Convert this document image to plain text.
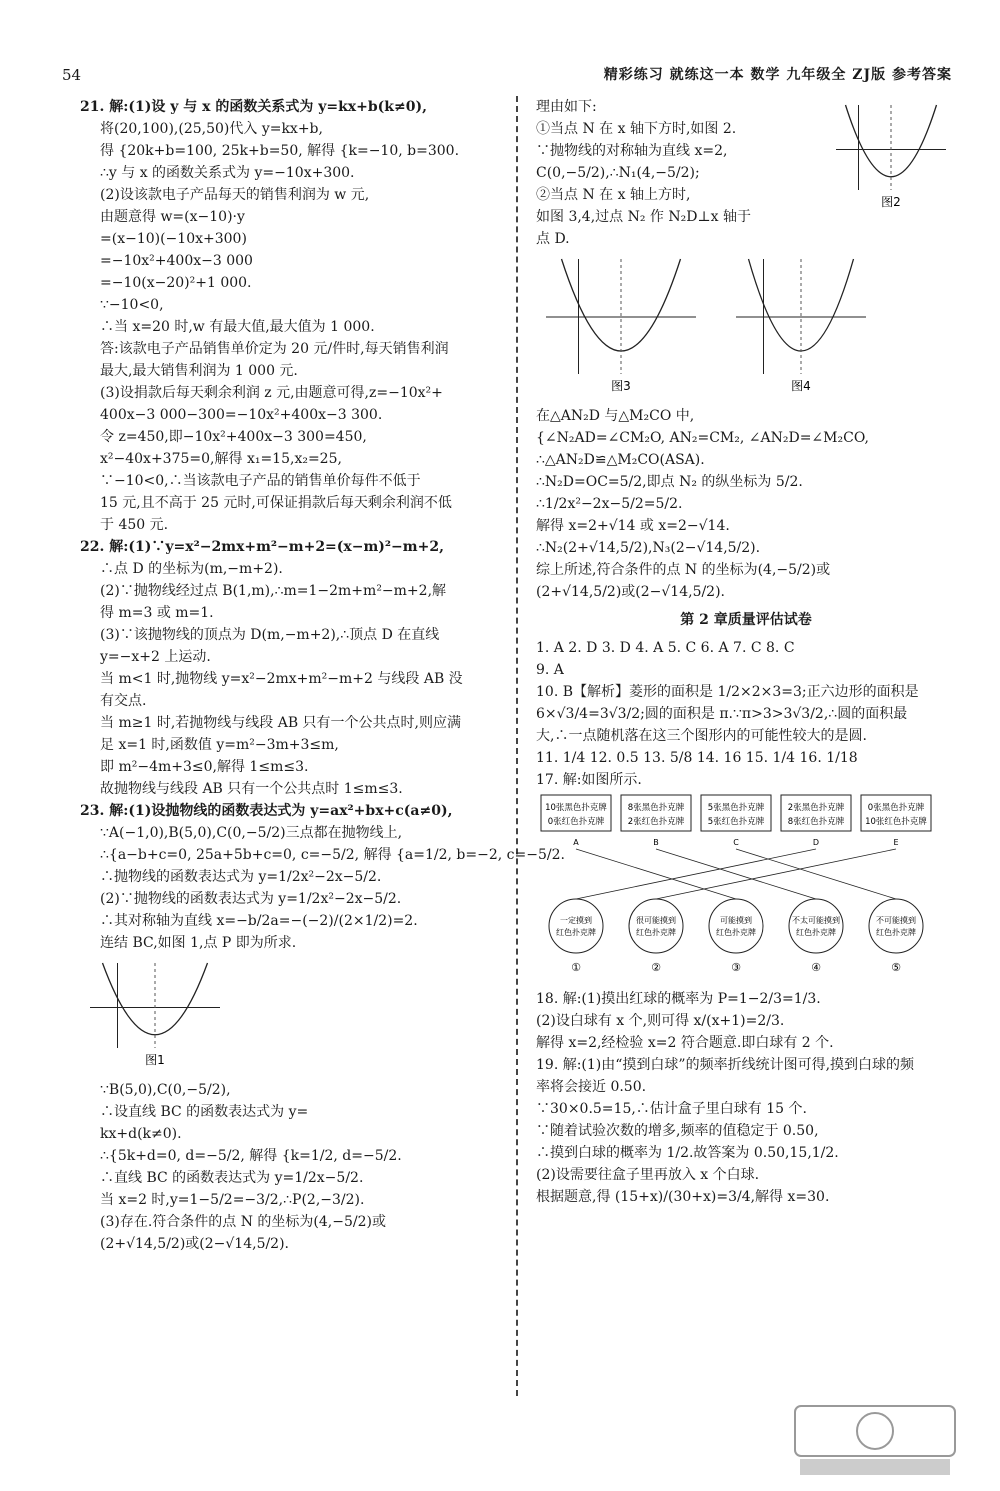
54	精彩练习 就练这一本 数学 九年级全 ZJ版 参考答案
21. 解:(1)设 y 与 x 的函数关系式为 y=kx+b(k≠0),
将(20,100),(25,50)代入 y=kx+b,
得 {20k+b=100, 25k+b=50, 解得 {k=−10, b=300.
∴y 与 x 的函数关系式为 y=−10x+300.
(2)设该款电子产品每天的销售利润为 w 元,
由题意得 w=(x−10)·y
=(x−10)(−10x+300)
=−10x²+400x−3 000
=−10(x−20)²+1 000.
∵−10<0,
∴当 x=20 时,w 有最大值,最大值为 1 000.
答:该款电子产品销售单价定为 20 元/件时,每天销售利润
最大,最大销售利润为 1 000 元.
(3)设捐款后每天剩余利润 z 元,由题意可得,z=−10x²+
400x−3 000−300=−10x²+400x−3 300.
令 z=450,即−10x²+400x−3 300=450,
x²−40x+375=0,解得 x₁=15,x₂=25,
∵−10<0,∴当该款电子产品的销售单价每件不低于
15 元,且不高于 25 元时,可保证捐款后每天剩余利润不低
于 450 元.
22. 解:(1)∵y=x²−2mx+m²−m+2=(x−m)²−m+2,
∴点 D 的坐标为(m,−m+2).
(2)∵抛物线经过点 B(1,m),∴m=1−2m+m²−m+2,解
得 m=3 或 m=1.
(3)∵该抛物线的顶点为 D(m,−m+2),∴顶点 D 在直线
y=−x+2 上运动.
当 m<1 时,抛物线 y=x²−2mx+m²−m+2 与线段 AB 没
有交点.
当 m≥1 时,若抛物线与线段 AB 只有一个公共点时,则应满
足 x=1 时,函数值 y=m²−3m+3≤m,
即 m²−4m+3≤0,解得 1≤m≤3.
故抛物线与线段 AB 只有一个公共点时 1≤m≤3.
23. 解:(1)设抛物线的函数表达式为 y=ax²+bx+c(a≠0),
∵A(−1,0),B(5,0),C(0,−5/2)三点都在抛物线上,
∴{a−b+c=0, 25a+5b+c=0, c=−5/2, 解得 {a=1/2, b=−2, c=−5/2.
∴抛物线的函数表达式为 y=1/2x²−2x−5/2.
(2)∵抛物线的函数表达式为 y=1/2x²−2x−5/2.
∴其对称轴为直线 x=−b/2a=−(−2)/(2×1/2)=2.
连结 BC,如图 1,点 P 即为所求.
图1
∵B(5,0),C(0,−5/2),
∴设直线 BC 的函数表达式为 y=
kx+d(k≠0).
∴{5k+d=0, d=−5/2, 解得 {k=1/2, d=−5/2.
∴直线 BC 的函数表达式为 y=1/2x−5/2.
当 x=2 时,y=1−5/2=−3/2,∴P(2,−3/2).
(3)存在.符合条件的点 N 的坐标为(4,−5/2)或
(2+√14,5/2)或(2−√14,5/2).
理由如下:
①当点 N 在 x 轴下方时,如图 2.
∵抛物线的对称轴为直线 x=2,
C(0,−5/2),∴N₁(4,−5/2);
图2
②当点 N 在 x 轴上方时,
如图 3,4,过点 N₂ 作 N₂D⊥x 轴于
点 D.
图3	图4
在△AN₂D 与△M₂CO 中,
{∠N₂AD=∠CM₂O, AN₂=CM₂, ∠AN₂D=∠M₂CO,
∴△AN₂D≌△M₂CO(ASA).
∴N₂D=OC=5/2,即点 N₂ 的纵坐标为 5/2.
∴1/2x²−2x−5/2=5/2.
解得 x=2+√14 或 x=2−√14.
∴N₂(2+√14,5/2),N₃(2−√14,5/2).
综上所述,符合条件的点 N 的坐标为(4,−5/2)或
(2+√14,5/2)或(2−√14,5/2).
第 2 章质量评估试卷
1. A 2. D 3. D 4. A 5. C 6. A 7. C 8. C
9. A
10. B【解析】菱形的面积是 1/2×2×3=3;正六边形的面积是
6×√3/4=3√3/2;圆的面积是 π.∵π>3>3√3/2,∴圆的面积最
大,∴一点随机落在这三个图形内的可能性较大的是圆.
11. 1/4 12. 0.5 13. 5/8 14. 16 15. 1/4 16. 1/18
17. 解:如图所示.
10张黑色扑克牌
0张红色扑克牌
A
一定摸到
红色扑克牌
①
8张黑色扑克牌
2张红色扑克牌
B
很可能摸到
红色扑克牌
②
5张黑色扑克牌
5张红色扑克牌
C
可能摸到
红色扑克牌
③
2张黑色扑克牌
8张红色扑克牌
D
不太可能摸到
红色扑克牌
④
0张黑色扑克牌
10张红色扑克牌
E
不可能摸到
红色扑克牌
⑤
18. 解:(1)摸出红球的概率为 P=1−2/3=1/3.
(2)设白球有 x 个,则可得 x/(x+1)=2/3.
解得 x=2,经检验 x=2 符合题意.即白球有 2 个.
19. 解:(1)由“摸到白球”的频率折线统计图可得,摸到白球的频
率将会接近 0.50.
∵30×0.5=15,∴估计盒子里白球有 15 个.
∵随着试验次数的增多,频率的值稳定于 0.50,
∴摸到白球的概率为 1/2.故答案为 0.50,15,1/2.
(2)设需要往盒子里再放入 x 个白球.
根据题意,得 (15+x)/(30+x)=3/4,解得 x=30.
